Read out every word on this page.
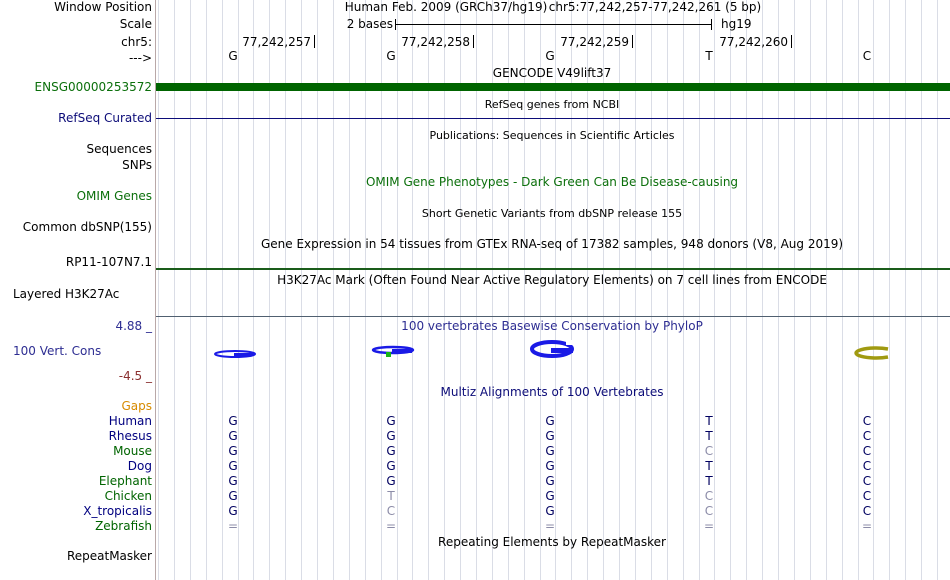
Window Position
Scale
chr5:
--->
ENSG00000253572
RefSeq Curated
Sequences
SNPs
OMIM Genes
Common dbSNP(155)
RP11-107N7.1
Layered H3K27Ac
4.88 _
100 Vert. Cons
-4.5 _
Gaps
Human
Rhesus
Mouse
Dog
Elephant
Chicken
X_tropicalis
Zebrafish
RepeatMasker
Human Feb. 2009 (GRCh37/hg19) chr5:77,242,257-77,242,261 (5 bp)
2 bases	hg19
77,242,257	77,242,258	77,242,259	77,242,260
G	G	G	T	C
GENCODE V49lift37
RefSeq genes from NCBI
Publications: Sequences in Scientific Articles
OMIM Gene Phenotypes - Dark Green Can Be Disease-causing
Short Genetic Variants from dbSNP release 155
Gene Expression in 54 tissues from GTEx RNA-seq of 17382 samples, 948 donors (V8, Aug 2019)
H3K27Ac Mark (Often Found Near Active Regulatory Elements) on 7 cell lines from ENCODE
100 vertebrates Basewise Conservation by PhyloP
Multiz Alignments of 100 Vertebrates
G	G	G	T	C
G	G	G	T	C
G	G	G	C	C
G	G	G	T	C
G	G	G	T	C
G	T	G	C	C
G	C	G	C	C
=	=	=	=	=
Repeating Elements by RepeatMasker
